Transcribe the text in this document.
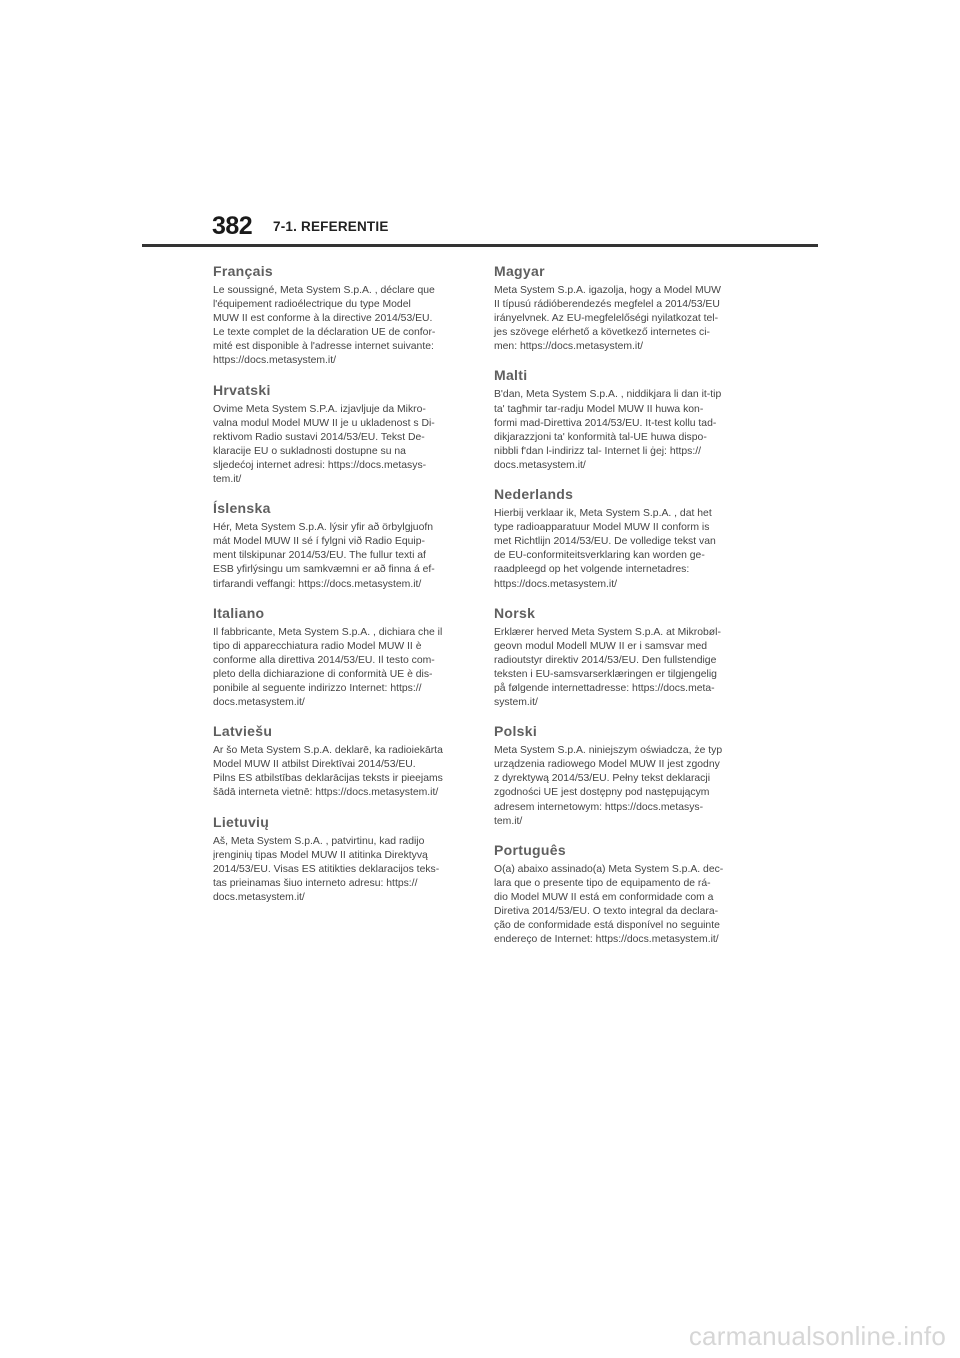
382 7-1. REFERENTIE
Français

Le soussigné, Meta System S.p.A. , déclare que
l'équipement radioélectrique du type Model
MUW II est conforme à la directive 2014/53/EU.
Le texte complet de la déclaration UE de confor-
mité est disponible à l'adresse internet suivante:
https://docs.metasystem.it/

Hrvatski

Ovime Meta System S.P.A. izjavljuje da Mikro-
valna modul Model MUW II je u ukladenost s Di-
rektivom Radio sustavi 2014/53/EU. Tekst De-
klaracije EU o sukladnosti dostupne su na
sljedećoj internet adresi: https://docs.metasys-
tem.it/

Íslenska

Hér, Meta System S.p.A. lýsir yfir að örbylgjuofn
mát Model MUW II sé í fylgni við Radio Equip-
ment tilskipunar 2014/53/EU. The fullur texti af
ESB yfirlýsingu um samkvæmni er að finna á ef-
tirfarandi veffangi: https://docs.metasystem.it/

Italiano

Il fabbricante, Meta System S.p.A. , dichiara che il
tipo di apparecchiatura radio Model MUW II è
conforme alla direttiva 2014/53/EU. Il testo com-
pleto della dichiarazione di conformità UE è dis-
ponibile al seguente indirizzo Internet: https://
docs.metasystem.it/

Latviešu

Ar šo Meta System S.p.A. deklarē, ka radioiekārta
Model MUW II atbilst Direktīvai 2014/53/EU.
Pilns ES atbilstības deklarācijas teksts ir pieejams
šādā interneta vietnē: https://docs.metasystem.it/

Lietuvių

Aš, Meta System S.p.A. , patvirtinu, kad radijo
įrenginių tipas Model MUW II atitinka Direktyvą
2014/53/EU. Visas ES atitikties deklaracijos teks-
tas prieinamas šiuo interneto adresu: https://
docs.metasystem.it/

Magyar

Meta System S.p.A. igazolja, hogy a Model MUW
II típusú rádióberendezés megfelel a 2014/53/EU
irányelvnek. Az EU-megfelelőségi nyilatkozat tel-
jes szövege elérhető a következő internetes ci-
men: https://docs.metasystem.it/

Malti

B'dan, Meta System S.p.A. , niddikjara li dan it-tip
ta' tagħmir tar-radju Model MUW II huwa kon-
formi mad-Direttiva 2014/53/EU. It-test kollu tad-
dikjarazzjoni ta' konformità tal-UE huwa dispo-
nibbli f'dan l-indirizz tal- Internet li ġej: https://
docs.metasystem.it/

Nederlands

Hierbij verklaar ik, Meta System S.p.A. , dat het
type radioapparatuur Model MUW II conform is
met Richtlijn 2014/53/EU. De volledige tekst van
de EU-conformiteitsverklaring kan worden ge-
raadpleegd op het volgende internetadres:
https://docs.metasystem.it/

Norsk

Erklærer herved Meta System S.p.A. at Mikrobøl-
geovn modul Modell MUW II er i samsvar med
radioutstyr direktiv 2014/53/EU. Den fullstendige
teksten i EU-samsvarserklæringen er tilgjengelig
på følgende internettadresse: https://docs.meta-
system.it/

Polski

Meta System S.p.A. niniejszym oświadcza, że typ
urządzenia radiowego Model MUW II jest zgodny
z dyrektywą 2014/53/EU. Pełny tekst deklaracji
zgodności UE jest dostępny pod następującym
adresem internetowym: https://docs.metasys-
tem.it/

Português

O(a) abaixo assinado(a) Meta System S.p.A. dec-
lara que o presente tipo de equipamento de rá-
dio Model MUW II está em conformidade com a
Diretiva 2014/53/EU. O texto integral da declara-
ção de conformidade está disponível no seguinte
endereço de Internet: https://docs.metasystem.it/

carmanualsonline.info
